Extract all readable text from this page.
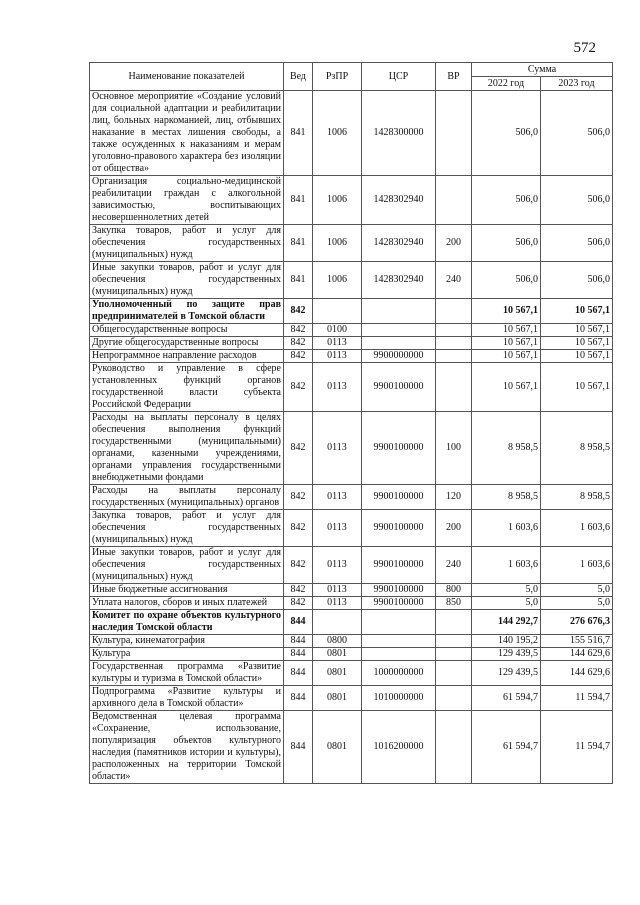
572
Наименование показателей	Вед	РзПР	ЦСР	ВР	Сумма	
					2022 год	2023 год
Основное мероприятие «Создание условий для социальной адаптации и реабилитации лиц, больных наркоманией, лиц, отбывших наказание в местах лишения свободы, а также осужденных к наказаниям и мерам уголовно-правового характера без изоляции от общества»	841	1006	1428300000		506,0	506,0
Организация социально-медицинской реабилитации граждан с алкогольной зависимостью, воспитывающих несовершеннолетних детей	841	1006	1428302940		506,0	506,0
Закупка товаров, работ и услуг для обеспечения государственных (муниципальных) нужд	841	1006	1428302940	200	506,0	506,0
Иные закупки товаров, работ и услуг для обеспечения государственных (муниципальных) нужд	841	1006	1428302940	240	506,0	506,0
Уполномоченный по защите прав предпринимателей в Томской области	842				10 567,1	10 567,1
Общегосударственные вопросы	842	0100			10 567,1	10 567,1
Другие общегосударственные вопросы	842	0113			10 567,1	10 567,1
Непрограммное направление расходов	842	0113	9900000000		10 567,1	10 567,1
Руководство и управление в сфере установленных функций органов государственной власти субъекта Российской Федерации	842	0113	9900100000		10 567,1	10 567,1
Расходы на выплаты персоналу в целях обеспечения выполнения функций государственными (муниципальными) органами, казенными учреждениями, органами управления государственными внебюджетными фондами	842	0113	9900100000	100	8 958,5	8 958,5
Расходы на выплаты персоналу государственных (муниципальных) органов	842	0113	9900100000	120	8 958,5	8 958,5
Закупка товаров, работ и услуг для обеспечения государственных (муниципальных) нужд	842	0113	9900100000	200	1 603,6	1 603,6
Иные закупки товаров, работ и услуг для обеспечения государственных (муниципальных) нужд	842	0113	9900100000	240	1 603,6	1 603,6
Иные бюджетные ассигнования	842	0113	9900100000	800	5,0	5,0
Уплата налогов, сборов и иных платежей	842	0113	9900100000	850	5,0	5,0
Комитет по охране объектов культурного наследия Томской области	844				144 292,7	276 676,3
Культура, кинематография	844	0800			140 195,2	155 516,7
Культура	844	0801			129 439,5	144 629,6
Государственная программа «Развитие культуры и туризма в Томской области»	844	0801	1000000000		129 439,5	144 629,6
Подпрограмма «Развитие культуры и архивного дела в Томской области»	844	0801	1010000000		61 594,7	11 594,7
Ведомственная целевая программа «Сохранение, использование, популяризация объектов культурного наследия (памятников истории и культуры), расположенных на территории Томской области»	844	0801	1016200000		61 594,7	11 594,7
